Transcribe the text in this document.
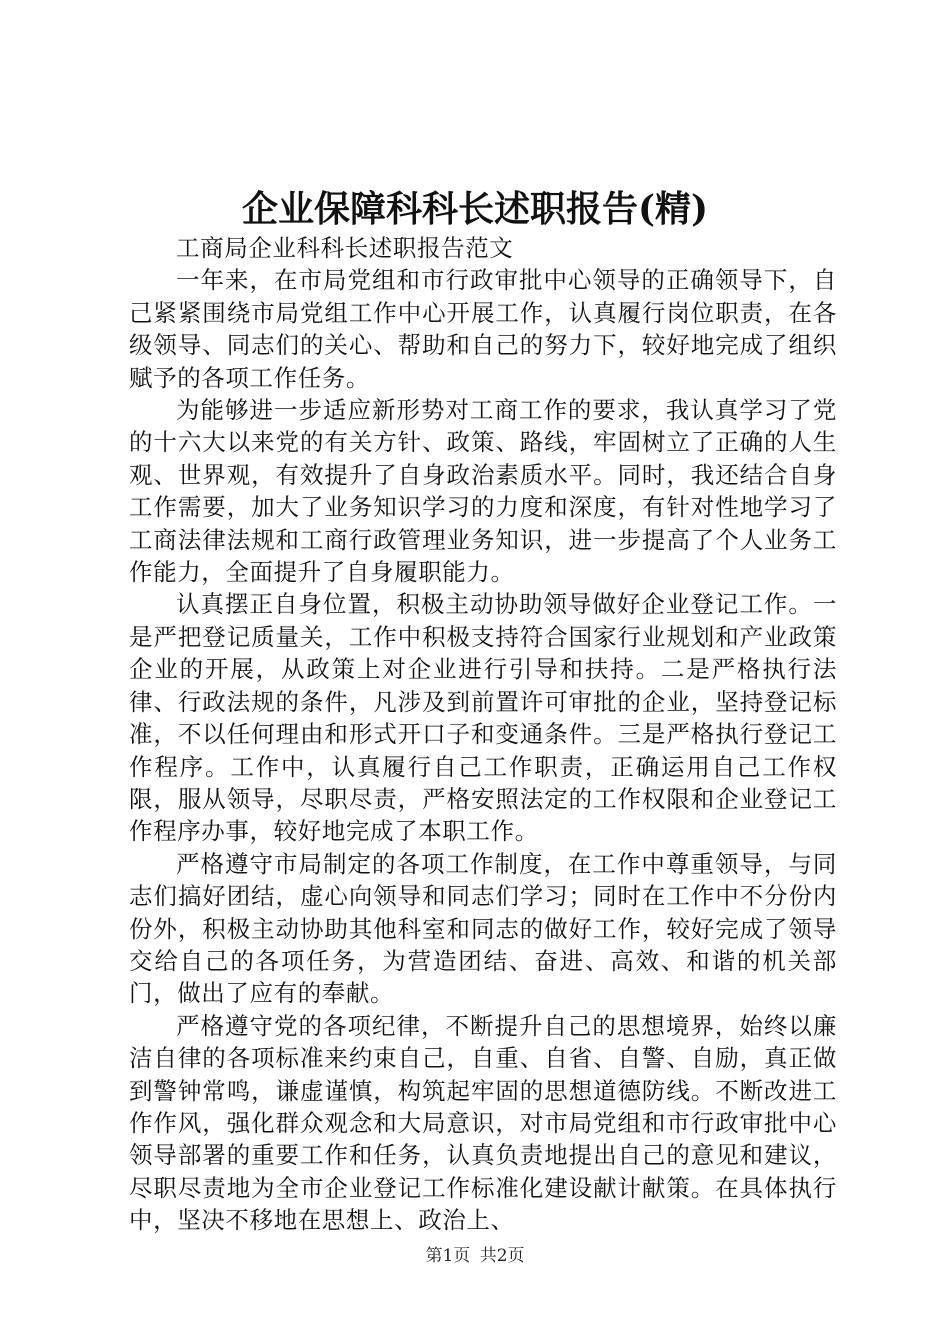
企业保障科科长述职报告(精)

工商局企业科科长述职报告范文

一年来，在市局党组和市行政审批中心领导的正确领导下，自己紧紧围绕市局党组工作中心开展工作，认真履行岗位职责，在各级领导、同志们的关心、帮助和自己的努力下，较好地完成了组织赋予的各项工作任务。

为能够进一步适应新形势对工商工作的要求，我认真学习了党的十六大以来党的有关方针、政策、路线，牢固树立了正确的人生观、世界观，有效提升了自身政治素质水平。同时，我还结合自身工作需要，加大了业务知识学习的力度和深度，有针对性地学习了工商法律法规和工商行政管理业务知识，进一步提高了个人业务工作能力，全面提升了自身履职能力。

认真摆正自身位置，积极主动协助领导做好企业登记工作。一是严把登记质量关，工作中积极支持符合国家行业规划和产业政策企业的开展，从政策上对企业进行引导和扶持。二是严格执行法律、行政法规的条件，凡涉及到前置许可审批的企业，坚持登记标准，不以任何理由和形式开口子和变通条件。三是严格执行登记工作程序。工作中，认真履行自己工作职责，正确运用自己工作权限，服从领导，尽职尽责，严格安照法定的工作权限和企业登记工作程序办事，较好地完成了本职工作。

严格遵守市局制定的各项工作制度，在工作中尊重领导，与同志们搞好团结，虚心向领导和同志们学习；同时在工作中不分份内份外，积极主动协助其他科室和同志的做好工作，较好完成了领导交给自己的各项任务，为营造团结、奋进、高效、和谐的机关部门，做出了应有的奉献。

严格遵守党的各项纪律，不断提升自己的思想境界，始终以廉洁自律的各项标准来约束自己，自重、自省、自警、自励，真正做到警钟常鸣，谦虚谨慎，构筑起牢固的思想道德防线。不断改进工作作风，强化群众观念和大局意识，对市局党组和市行政审批中心领导部署的重要工作和任务，认真负责地提出自己的意见和建议，尽职尽责地为全市企业登记工作标准化建设献计献策。在具体执行中，坚决不移地在思想上、政治上、

第1页 共2页
